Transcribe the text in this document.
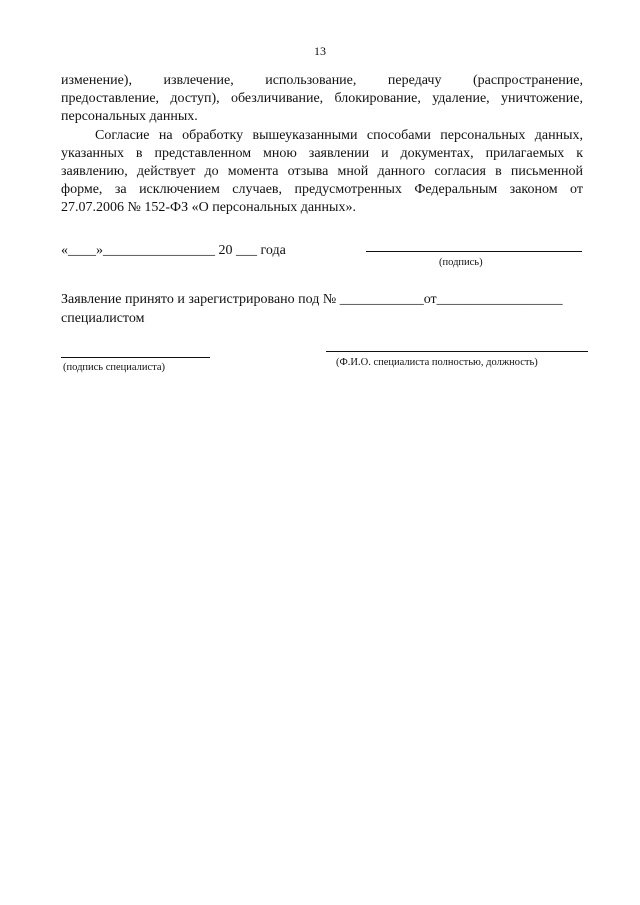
13
изменение), извлечение, использование, передачу (распространение,
предоставление, доступ), обезличивание, блокирование, удаление, уничтожение,
персональных данных.
Согласие на обработку вышеуказанными способами персональных данных,
указанных в представленном мною заявлении и документах, прилагаемых к
заявлению, действует до момента отзыва мной данного согласия в письменной
форме, за исключением случаев, предусмотренных Федеральным законом от
27.07.2006 № 152-ФЗ «О персональных данных».
«____»________________ 20 ___ года
(подпись)
Заявление принято и зарегистрировано под № ____________от__________________
специалистом
(подпись специалиста)	(Ф.И.О. специалиста полностью, должность)
